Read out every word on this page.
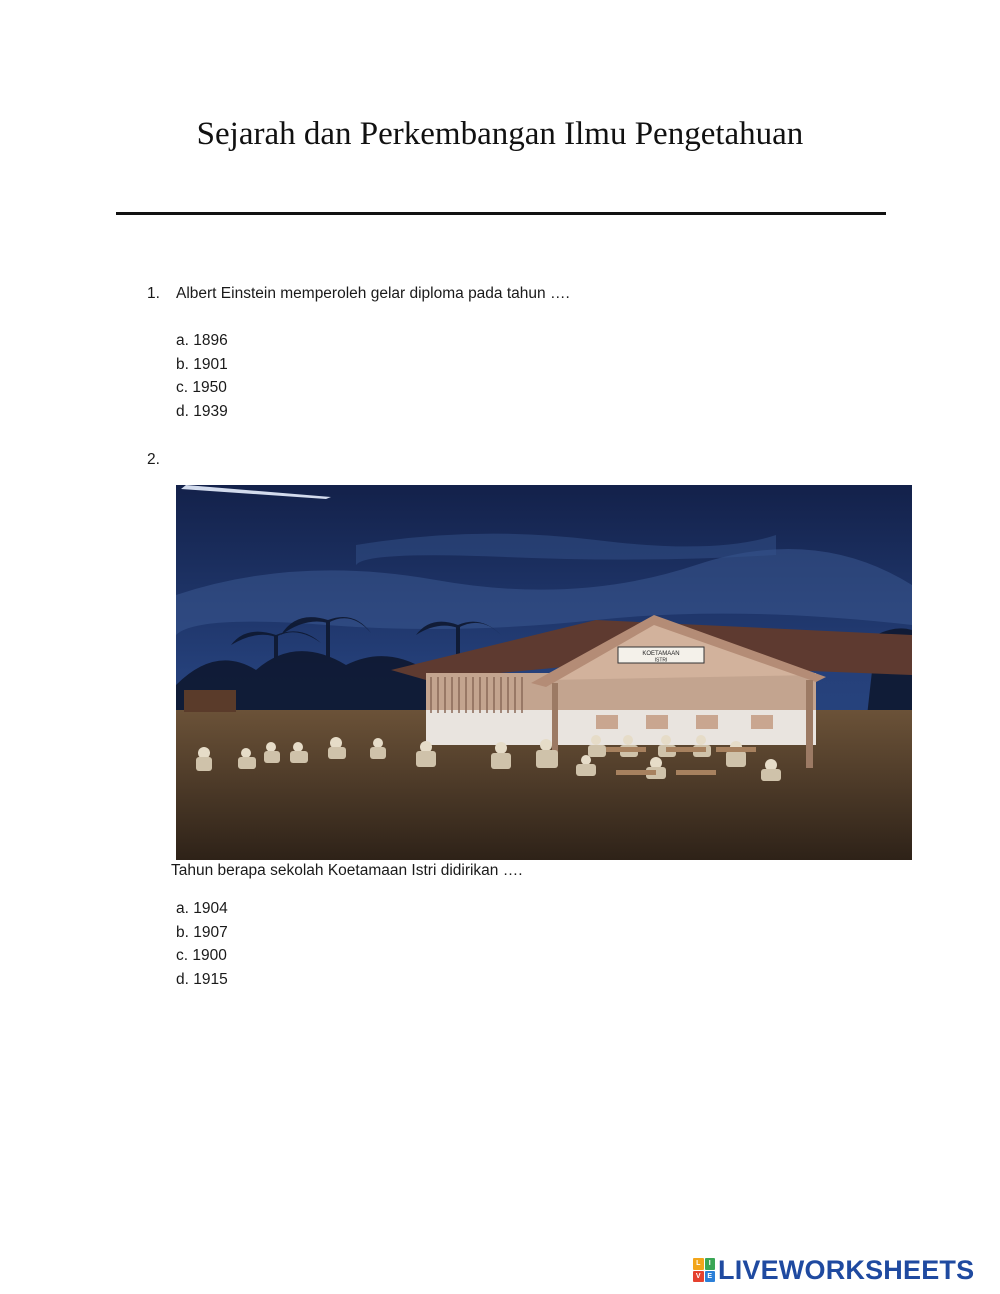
Sejarah dan Perkembangan Ilmu Pengetahuan
1. Albert Einstein memperoleh gelar diploma pada tahun ….
a. 1896
b. 1901
c. 1950
d. 1939
2.
KOETAMAAN
ISTRI
Tahun berapa sekolah Koetamaan Istri didirikan ….
a. 1904
b. 1907
c. 1900
d. 1915
L	I
V E LIVEWORKSHEETS
